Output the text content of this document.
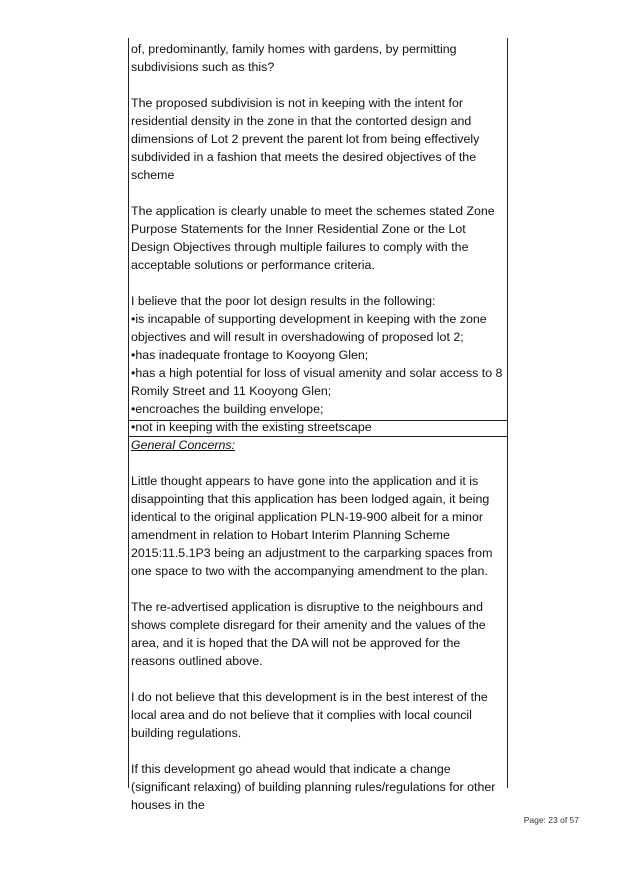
of, predominantly, family homes with gardens, by permitting subdivisions such as this?

The proposed subdivision is not in keeping with the intent for residential density in the zone in that the contorted design and dimensions of Lot 2 prevent the parent lot from being effectively subdivided in a fashion that meets the desired objectives of the scheme

The application is clearly unable to meet the schemes stated Zone Purpose Statements for the Inner Residential Zone or the Lot Design Objectives through multiple failures to comply with the acceptable solutions or performance criteria.

I believe that the poor lot design results in the following:
• is incapable of supporting development in keeping with the zone objectives and will result in overshadowing of proposed lot 2;
• has inadequate frontage to Kooyong Glen;
• has a high potential for loss of visual amenity and solar access to 8 Romily Street and 11 Kooyong Glen;
• encroaches the building envelope;
• not in keeping with the existing streetscape

General Concerns:

Little thought appears to have gone into the application and it is disappointing that this application has been lodged again, it being identical to the original application PLN-19-900 albeit for a minor amendment in relation to Hobart Interim Planning Scheme 2015:11.5.1P3 being an adjustment to the carparking spaces from one space to two with the accompanying amendment to the plan.

The re-advertised application is disruptive to the neighbours and shows complete disregard for their amenity and the values of the area, and it is hoped that the DA will not be approved for the reasons outlined above.

I do not believe that this development is in the best interest of the local area and do not believe that it complies with local council building regulations.

If this development go ahead would that indicate a change (significant relaxing) of building planning rules/regulations for other houses in the

Page: 23 of 57
